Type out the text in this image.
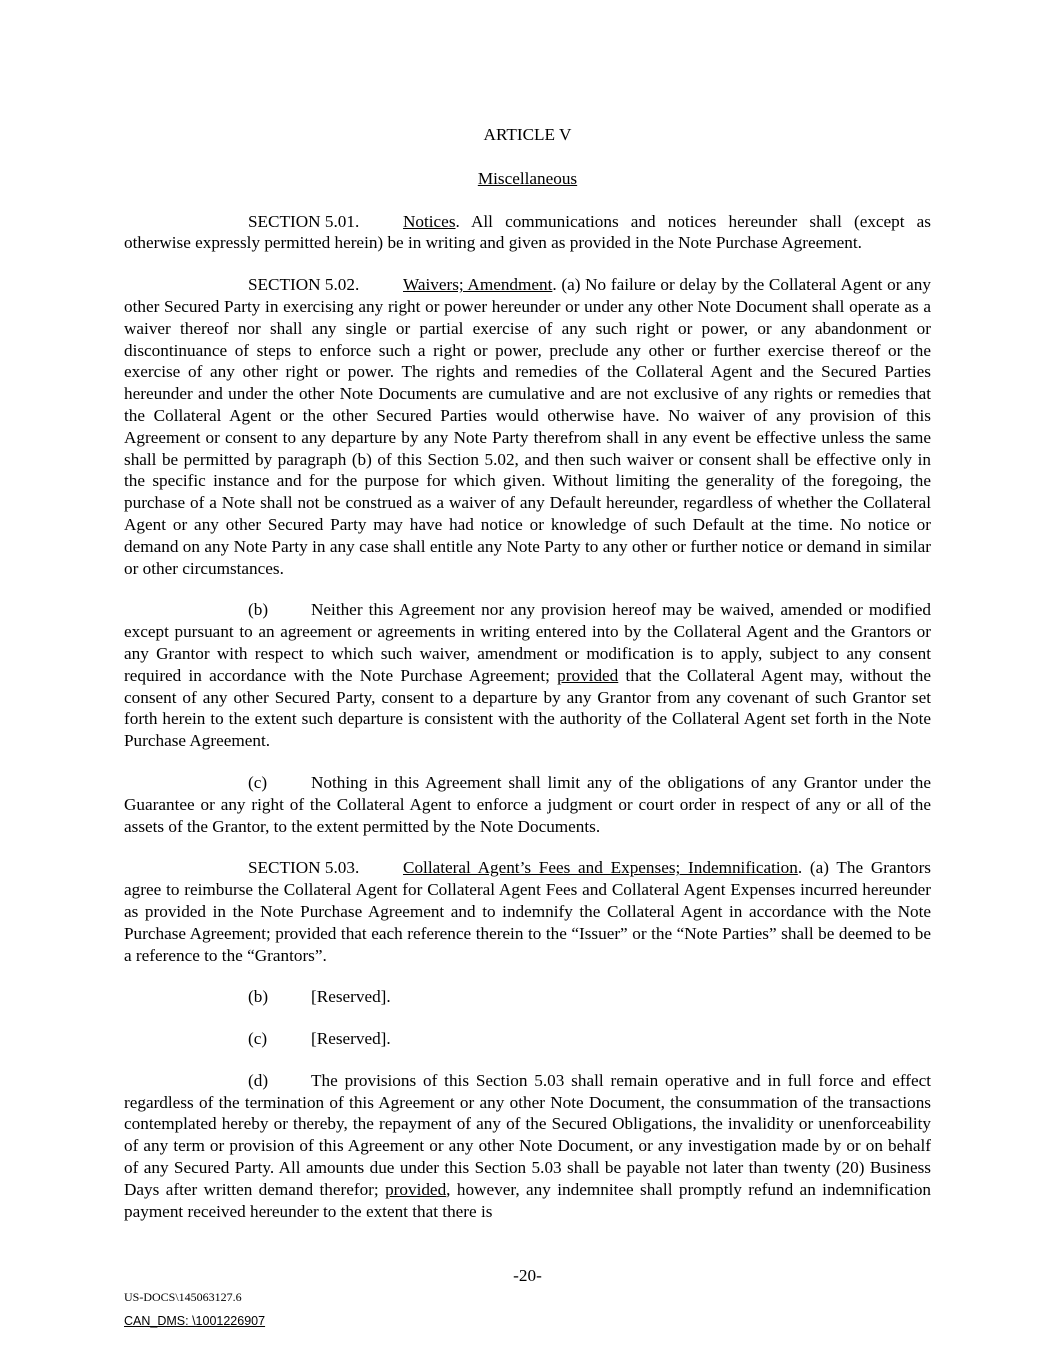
ARTICLE V
Miscellaneous

SECTION 5.01.	Notices. All communications and notices hereunder shall (except as otherwise expressly permitted herein) be in writing and given as provided in the Note Purchase Agreement.

SECTION 5.02.	Waivers; Amendment. (a) No failure or delay by the Collateral Agent or any other Secured Party in exercising any right or power hereunder or under any other Note Document shall operate as a waiver thereof nor shall any single or partial exercise of any such right or power, or any abandonment or discontinuance of steps to enforce such a right or power, preclude any other or further exercise thereof or the exercise of any other right or power. The rights and remedies of the Collateral Agent and the Secured Parties hereunder and under the other Note Documents are cumulative and are not exclusive of any rights or remedies that the Collateral Agent or the other Secured Parties would otherwise have. No waiver of any provision of this Agreement or consent to any departure by any Note Party therefrom shall in any event be effective unless the same shall be permitted by paragraph (b) of this Section 5.02, and then such waiver or consent shall be effective only in the specific instance and for the purpose for which given. Without limiting the generality of the foregoing, the purchase of a Note shall not be construed as a waiver of any Default hereunder, regardless of whether the Collateral Agent or any other Secured Party may have had notice or knowledge of such Default at the time. No notice or demand on any Note Party in any case shall entitle any Note Party to any other or further notice or demand in similar or other circumstances.

(b) Neither this Agreement nor any provision hereof may be waived, amended or modified except pursuant to an agreement or agreements in writing entered into by the Collateral Agent and the Grantors or any Grantor with respect to which such waiver, amendment or modification is to apply, subject to any consent required in accordance with the Note Purchase Agreement; provided that the Collateral Agent may, without the consent of any other Secured Party, consent to a departure by any Grantor from any covenant of such Grantor set forth herein to the extent such departure is consistent with the authority of the Collateral Agent set forth in the Note Purchase Agreement.

(c)	Nothing in this Agreement shall limit any of the obligations of any Grantor under the Guarantee or any right of the Collateral Agent to enforce a judgment or court order in respect of any or all of the assets of the Grantor, to the extent permitted by the Note Documents.

SECTION 5.03.	Collateral Agent’s Fees and Expenses; Indemnification. (a) The Grantors agree to reimburse the Collateral Agent for Collateral Agent Fees and Collateral Agent Expenses incurred hereunder as provided in the Note Purchase Agreement and to indemnify the Collateral Agent in accordance with the Note Purchase Agreement; provided that each reference therein to the “Issuer” or the “Note Parties” shall be deemed to be a reference to the “Grantors”.

(b) [Reserved].

(c)	[Reserved].

(d) The provisions of this Section 5.03 shall remain operative and in full force and effect regardless of the termination of this Agreement or any other Note Document, the consummation of the transactions contemplated hereby or thereby, the repayment of any of the Secured Obligations, the invalidity or unenforceability of any term or provision of this Agreement or any other Note Document, or any investigation made by or on behalf of any Secured Party. All amounts due under this Section 5.03 shall be payable not later than twenty (20) Business Days after written demand therefor; provided, however, any indemnitee shall promptly refund an indemnification payment received hereunder to the extent that there is

-20-
US-DOCS\145063127.6
CAN_DMS: \1001226907
